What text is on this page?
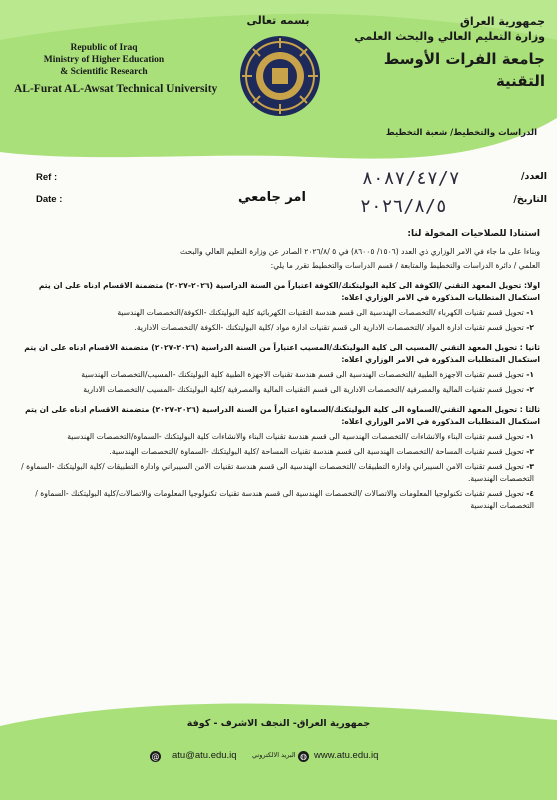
Republic of Iraq
Ministry of Higher Education
& Scientific Research
AL-Furat AL-Awsat Technical University
بسمه تعالى	جمهورية العراق
وزارة التعليم العالي والبحث العلمي
جامعة الفرات الأوسط التقنية
الدراسات والتخطيط/ شعبة التخطيط
Ref :
Date :
العدد/
التاريخ/
٨٠٨٧/٤٧/٧
٢٠٢٦/٨/٥
امر جامعي
استنادا للصلاحيات المخولة لنا:

وبناءا على ما جاء في الامر الوزاري ذي العدد (١٥٠٦/ ٨٦٠٠٥) في ٥ /٢٠٢٦/٨ الصادر عن وزارة التعليم العالي والبحث

العلمي / دائرة الدراسات والتخطيط والمتابعة / قسم الدراسات والتخطيط تقرر ما يلي:

اولا: تحويل المعهد التقني /الكوفة الى كلية البوليتكنك/الكوفة اعتباراً من السنة الدراسية (٢٠٢٦-٢٠٢٧) متضمنة الاقسام ادناه على ان يتم استكمال المتطلبات المذكورة في الامر الوزاري اعلاه:
١- تحويل قسم تقنيات الكهرباء /التخصصات الهندسية الى قسم هندسة التقنيات الكهربائية كلية البوليتكنك -الكوفة/التخصصات الهندسية
٢- تحويل قسم تقنيات ادارة المواد /التخصصات الادارية الى قسم تقنيات ادارة مواد /كلية البوليتكنك -الكوفة /التخصصات الادارية.
ثانيا : تحويل المعهد التقني /المسيب الى كلية البوليتكنك/المسيب اعتباراً من السنة الدراسية (٢٠٢٦-٢٠٢٧) متضمنة الاقسام ادناه على ان يتم استكمال المتطلبات المذكورة في الامر الوزاري اعلاه:
١- تحويل قسم تقنيات الاجهزة الطبية /التخصصات الهندسية الى قسم هندسة تقنيات الاجهزة الطبية كلية البوليتكنك -المسيب/التخصصات الهندسية
٢- تحويل قسم تقنيات المالية والمصرفية /التخصصات الادارية الى قسم التقنيات المالية والمصرفية /كلية البوليتكنك -المسيب /التخصصات الادارية
ثالثا : تحويل المعهد التقني/السماوة الى كلية البوليتكنك/السماوة اعتباراً من السنة الدراسية (٢٠٢٦-٢٠٢٧) متضمنة الاقسام ادناه على ان يتم استكمال المتطلبات المذكورة في الامر الوزاري اعلاه:
١- تحويل قسم تقنيات البناء والانشاءات /التخصصات الهندسية الى قسم هندسة تقنيات البناء والانشاءات كلية البوليتكنك -السماوة/التخصصات الهندسية
٢- تحويل قسم تقنيات المساحة /التخصصات الهندسية الى قسم هندسة تقنيات المساحة /كلية البوليتكنك -السماوة /التخصصات الهندسية.
٣- تحويل قسم تقنيات الامن السيبراني وادارة التطبيقات /التخصصات الهندسية الى قسم هندسة تقنيات الامن السيبراني وادارة التطبيقات /كلية البوليتكنك -السماوة /التخصصات الهندسية.
٤- تحويل قسم تقنيات تكنولوجيا المعلومات والاتصالات /التخصصات الهندسية الى قسم هندسة تقنيات تكنولوجيا المعلومات والاتصالات/كلية البوليتكنك -السماوة /التخصصات الهندسية
جمهورية العراق- النجف الاشرف - كوفة
@ atu@atu.edu.iq البريد الالكتروني ◍ www.atu.edu.iq
